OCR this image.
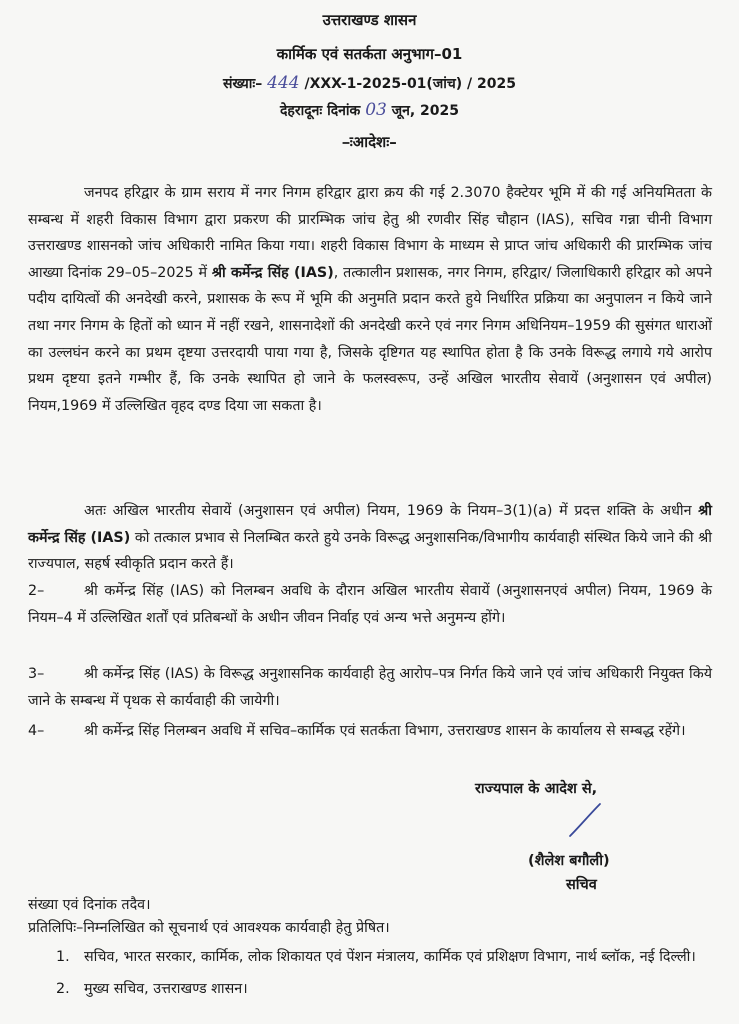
उत्तराखण्ड शासन
कार्मिक एवं सतर्कता अनुभाग–01
संख्याः– 444 /XXX-1-2025-01(जांच) / 2025
देहरादूनः दिनांक 03 जून, 2025
–ःआदेशः–
जनपद हरिद्वार के ग्राम सराय में नगर निगम हरिद्वार द्वारा क्रय की गई 2.3070 हैक्टेयर भूमि में की गई अनियमितता के सम्बन्ध में शहरी विकास विभाग द्वारा प्रकरण की प्रारम्भिक जांच हेतु श्री रणवीर सिंह चौहान (IAS), सचिव गन्ना चीनी विभाग उत्तराखण्ड शासनको जांच अधिकारी नामित किया गया। शहरी विकास विभाग के माध्यम से प्राप्त जांच अधिकारी की प्रारम्भिक जांच आख्या दिनांक 29–05–2025 में श्री कर्मेन्द्र सिंह (IAS), तत्कालीन प्रशासक, नगर निगम, हरिद्वार/ जिलाधिकारी हरिद्वार को अपने पदीय दायित्वों की अनदेखी करने, प्रशासक के रूप में भूमि की अनुमति प्रदान करते हुये निर्धारित प्रक्रिया का अनुपालन न किये जाने तथा नगर निगम के हितों को ध्यान में नहीं रखने, शासनादेशों की अनदेखी करने एवं नगर निगम अधिनियम–1959 की सुसंगत धाराओं का उल्लघंन करने का प्रथम दृष्टया उत्तरदायी पाया गया है, जिसके दृष्टिगत यह स्थापित होता है कि उनके विरूद्ध लगाये गये आरोप प्रथम दृष्टया इतने गम्भीर हैं, कि उनके स्थापित हो जाने के फलस्वरूप, उन्हें अखिल भारतीय सेवायें (अनुशासन एवं अपील) नियम,1969 में उल्लिखित वृहद दण्ड दिया जा सकता है।
अतः अखिल भारतीय सेवायें (अनुशासन एवं अपील) नियम, 1969 के नियम–3(1)(a) में प्रदत्त शक्ति के अधीन श्री कर्मेन्द्र सिंह (IAS) को तत्काल प्रभाव से निलम्बित करते हुये उनके विरूद्ध अनुशासनिक/विभागीय कार्यवाही संस्थित किये जाने की श्री राज्यपाल, सहर्ष स्वीकृति प्रदान करते हैं।
2–	श्री कर्मेन्द्र सिंह (IAS) को निलम्बन अवधि के दौरान अखिल भारतीय सेवायें (अनुशासनएवं अपील) नियम, 1969 के नियम–4 में उल्लिखित शर्तों एवं प्रतिबन्धों के अधीन जीवन निर्वाह एवं अन्य भत्ते अनुमन्य होंगे।
3–	श्री कर्मेन्द्र सिंह (IAS) के विरूद्ध अनुशासनिक कार्यवाही हेतु आरोप–पत्र निर्गत किये जाने एवं जांच अधिकारी नियुक्त किये जाने के सम्बन्ध में पृथक से कार्यवाही की जायेगी।
4–	श्री कर्मेन्द्र सिंह निलम्बन अवधि में सचिव–कार्मिक एवं सतर्कता विभाग, उत्तराखण्ड शासन के कार्यालय से सम्बद्ध रहेंगे।
राज्यपाल के आदेश से,
(शैलेश बगौली)
सचिव
संख्या एवं दिनांक तदैव।
प्रतिलिपिः–निम्नलिखित को सूचनार्थ एवं आवश्यक कार्यवाही हेतु प्रेषित।
1. सचिव, भारत सरकार, कार्मिक, लोक शिकायत एवं पेंशन मंत्रालय, कार्मिक एवं प्रशिक्षण विभाग, नार्थ ब्लॉक, नई दिल्ली।
2. मुख्य सचिव, उत्तराखण्ड शासन।
